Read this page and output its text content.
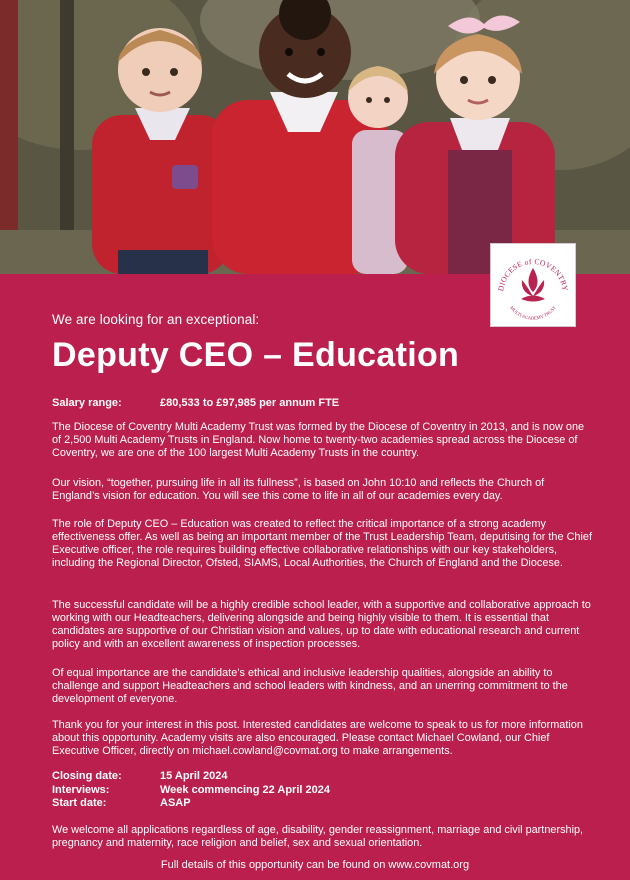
DIOCESE of COVENTRY
MULTI ACADEMY TRUST
We are looking for an exceptional:
Deputy CEO – Education
Salary range:	£80,533 to £97,985 per annum FTE

The Diocese of Coventry Multi Academy Trust was formed by the Diocese of Coventry in 2013, and is now one of 2,500 Multi Academy Trusts in England. Now home to twenty-two academies spread across the Diocese of Coventry, we are one of the 100 largest Multi Academy Trusts in the country.

Our vision, “together, pursuing life in all its fullness”, is based on John 10:10 and reflects the Church of England’s vision for education. You will see this come to life in all of our academies every day.

The role of Deputy CEO – Education was created to reflect the critical importance of a strong academy effectiveness offer. As well as being an important member of the Trust Leadership Team, deputising for the Chief Executive officer, the role requires building effective collaborative relationships with our key stakeholders, including the Regional Director, Ofsted, SIAMS, Local Authorities, the Church of England and the Diocese.

The successful candidate will be a highly credible school leader, with a supportive and collaborative approach to working with our Headteachers, delivering alongside and being highly visible to them. It is essential that candidates are supportive of our Christian vision and values, up to date with educational research and current policy and with an excellent awareness of inspection processes.

Of equal importance are the candidate’s ethical and inclusive leadership qualities, alongside an ability to challenge and support Headteachers and school leaders with kindness, and an unerring commitment to the development of everyone.

Thank you for your interest in this post. Interested candidates are welcome to speak to us for more information about this opportunity. Academy visits are also encouraged. Please contact Michael Cowland, our Chief Executive Officer, directly on michael.cowland@covmat.org to make arrangements.

Closing date:	15 April 2024
Interviews:	Week commencing 22 April 2024
Start date:	ASAP

We welcome all applications regardless of age, disability, gender reassignment, marriage and civil partnership, pregnancy and maternity, race religion and belief, sex and sexual orientation.

Full details of this opportunity can be found on www.covmat.org
